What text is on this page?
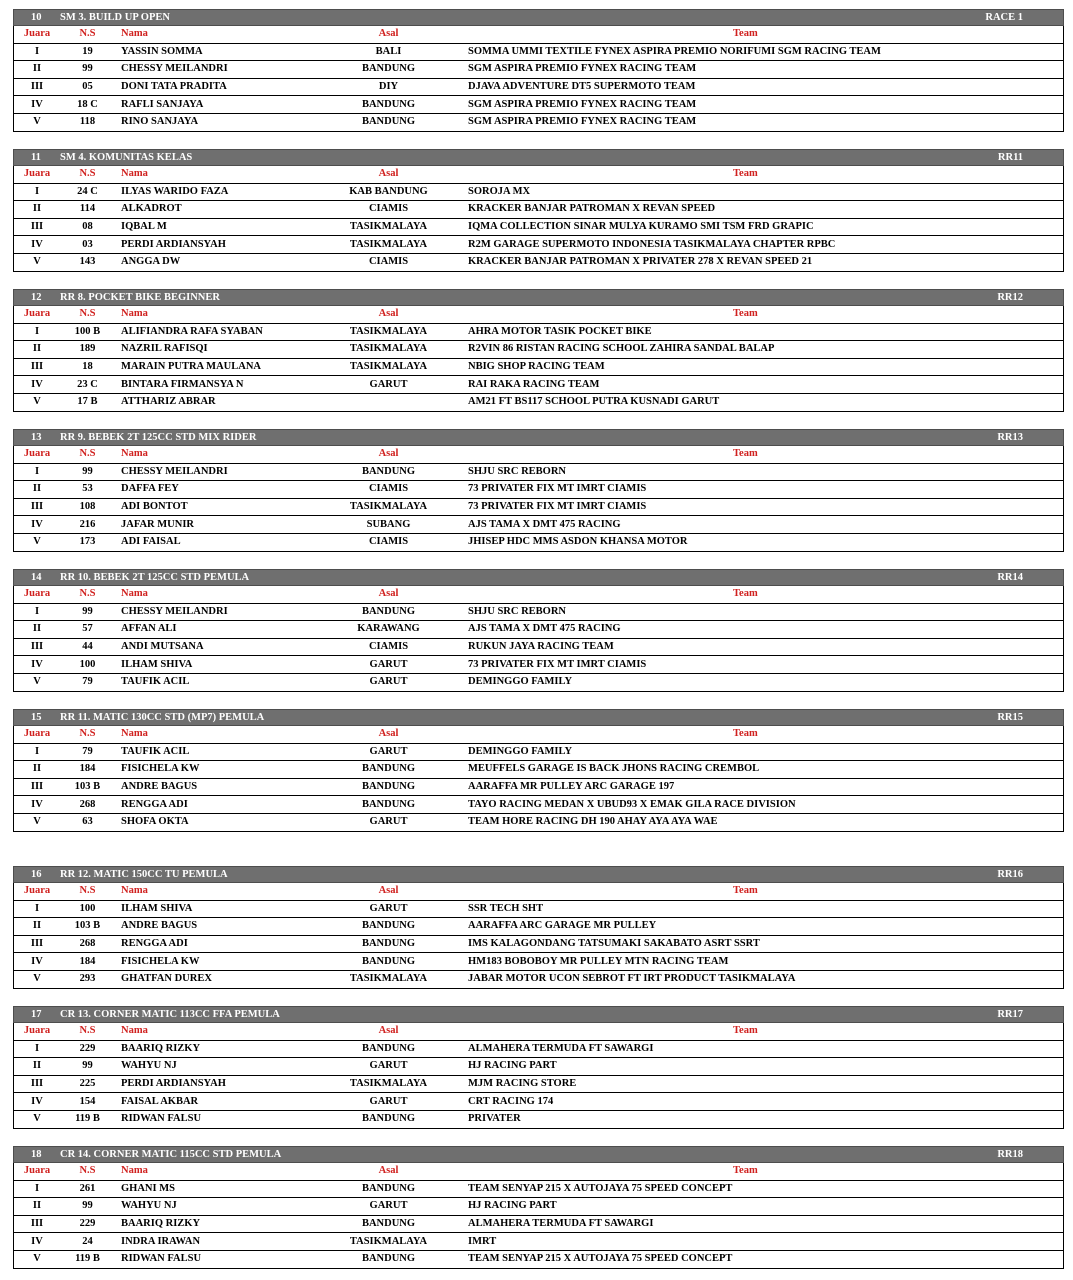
10 SM 3. BUILD UP OPEN	RACE 1
Juara	N.S	Nama	Asal	Team
I	19	YASSIN SOMMA	BALI	SOMMA UMMI TEXTILE FYNEX ASPIRA PREMIO NORIFUMI SGM RACING TEAM
II	99	CHESSY MEILANDRI	BANDUNG	SGM ASPIRA PREMIO FYNEX RACING TEAM
III	05	DONI TATA PRADITA	DIY	DJAVA ADVENTURE DT5 SUPERMOTO TEAM
IV	18 C	RAFLI SANJAYA	BANDUNG	SGM ASPIRA PREMIO FYNEX RACING TEAM
V	118	RINO SANJAYA	BANDUNG	SGM ASPIRA PREMIO FYNEX RACING TEAM
11 SM 4. KOMUNITAS KELAS	RR11
Juara	N.S	Nama	Asal	Team
I	24 C	ILYAS WARIDO FAZA	KAB BANDUNG	SOROJA MX
II	114	ALKADROT	CIAMIS	KRACKER BANJAR PATROMAN X REVAN SPEED
III	08	IQBAL M	TASIKMALAYA	IQMA COLLECTION SINAR MULYA KURAMO SMI TSM FRD GRAPIC
IV	03	PERDI ARDIANSYAH	TASIKMALAYA	R2M GARAGE SUPERMOTO INDONESIA TASIKMALAYA CHAPTER RPBC
V	143	ANGGA DW	CIAMIS	KRACKER BANJAR PATROMAN X PRIVATER 278 X REVAN SPEED 21
12 RR 8. POCKET BIKE BEGINNER	RR12
Juara	N.S	Nama	Asal	Team
I	100 B	ALIFIANDRA RAFA SYABAN	TASIKMALAYA	AHRA MOTOR TASIK POCKET BIKE
II	189	NAZRIL RAFISQI	TASIKMALAYA	R2VIN 86 RISTAN RACING SCHOOL ZAHIRA SANDAL BALAP
III	18	MARAIN PUTRA MAULANA	TASIKMALAYA	NBIG SHOP RACING TEAM
IV	23 C	BINTARA FIRMANSYA N	GARUT	RAI RAKA RACING TEAM
V	17 B	ATTHARIZ ABRAR		AM21 FT BS117 SCHOOL PUTRA KUSNADI GARUT
13 RR 9. BEBEK 2T 125CC STD MIX RIDER	RR13
Juara	N.S	Nama	Asal	Team
I	99	CHESSY MEILANDRI	BANDUNG	SHJU SRC REBORN
II	53	DAFFA FEY	CIAMIS	73 PRIVATER FIX MT IMRT CIAMIS
III	108	ADI BONTOT	TASIKMALAYA	73 PRIVATER FIX MT IMRT CIAMIS
IV	216	JAFAR MUNIR	SUBANG	AJS TAMA X DMT 475 RACING
V	173	ADI FAISAL	CIAMIS	JHISEP HDC MMS ASDON KHANSA MOTOR
14 RR 10. BEBEK 2T 125CC STD PEMULA	RR14
Juara	N.S	Nama	Asal	Team
I	99	CHESSY MEILANDRI	BANDUNG	SHJU SRC REBORN
II	57	AFFAN ALI	KARAWANG	AJS TAMA X DMT 475 RACING
III	44	ANDI MUTSANA	CIAMIS	RUKUN JAYA RACING TEAM
IV	100	ILHAM SHIVA	GARUT	73 PRIVATER FIX MT IMRT CIAMIS
V	79	TAUFIK ACIL	GARUT	DEMINGGO FAMILY
15 RR 11. MATIC 130CC STD (MP7) PEMULA	RR15
Juara	N.S	Nama	Asal	Team
I	79	TAUFIK ACIL	GARUT	DEMINGGO FAMILY
II	184	FISICHELA KW	BANDUNG	MEUFFELS GARAGE IS BACK JHONS RACING CREMBOL
III	103 B	ANDRE BAGUS	BANDUNG	AARAFFA MR PULLEY ARC GARAGE 197
IV	268	RENGGA ADI	BANDUNG	TAYO RACING MEDAN X UBUD93 X EMAK GILA RACE DIVISION
V	63	SHOFA OKTA	GARUT	TEAM HORE RACING DH 190 AHAY AYA AYA WAE
16 RR 12. MATIC 150CC TU PEMULA	RR16
Juara	N.S	Nama	Asal	Team
I	100	ILHAM SHIVA	GARUT	SSR TECH SHT
II	103 B	ANDRE BAGUS	BANDUNG	AARAFFA ARC GARAGE MR PULLEY
III	268	RENGGA ADI	BANDUNG	IMS KALAGONDANG TATSUMAKI SAKABATO ASRT SSRT
IV	184	FISICHELA KW	BANDUNG	HM183 BOBOBOY MR PULLEY MTN RACING TEAM
V	293	GHATFAN DUREX	TASIKMALAYA	JABAR MOTOR UCON SEBROT FT IRT PRODUCT TASIKMALAYA
17 CR 13. CORNER MATIC 113CC FFA PEMULA	RR17
Juara	N.S	Nama	Asal	Team
I	229	BAARIQ RIZKY	BANDUNG	ALMAHERA TERMUDA FT SAWARGI
II	99	WAHYU NJ	GARUT	HJ RACING PART
III	225	PERDI ARDIANSYAH	TASIKMALAYA	MJM RACING STORE
IV	154	FAISAL AKBAR	GARUT	CRT RACING 174
V	119 B	RIDWAN FALSU	BANDUNG	PRIVATER
18 CR 14. CORNER MATIC 115CC STD PEMULA	RR18
Juara	N.S	Nama	Asal	Team
I	261	GHANI MS	BANDUNG	TEAM SENYAP 215 X AUTOJAYA 75 SPEED CONCEPT
II	99	WAHYU NJ	GARUT	HJ RACING PART
III	229	BAARIQ RIZKY	BANDUNG	ALMAHERA TERMUDA FT SAWARGI
IV	24	INDRA IRAWAN	TASIKMALAYA	IMRT
V	119 B	RIDWAN FALSU	BANDUNG	TEAM SENYAP 215 X AUTOJAYA 75 SPEED CONCEPT
